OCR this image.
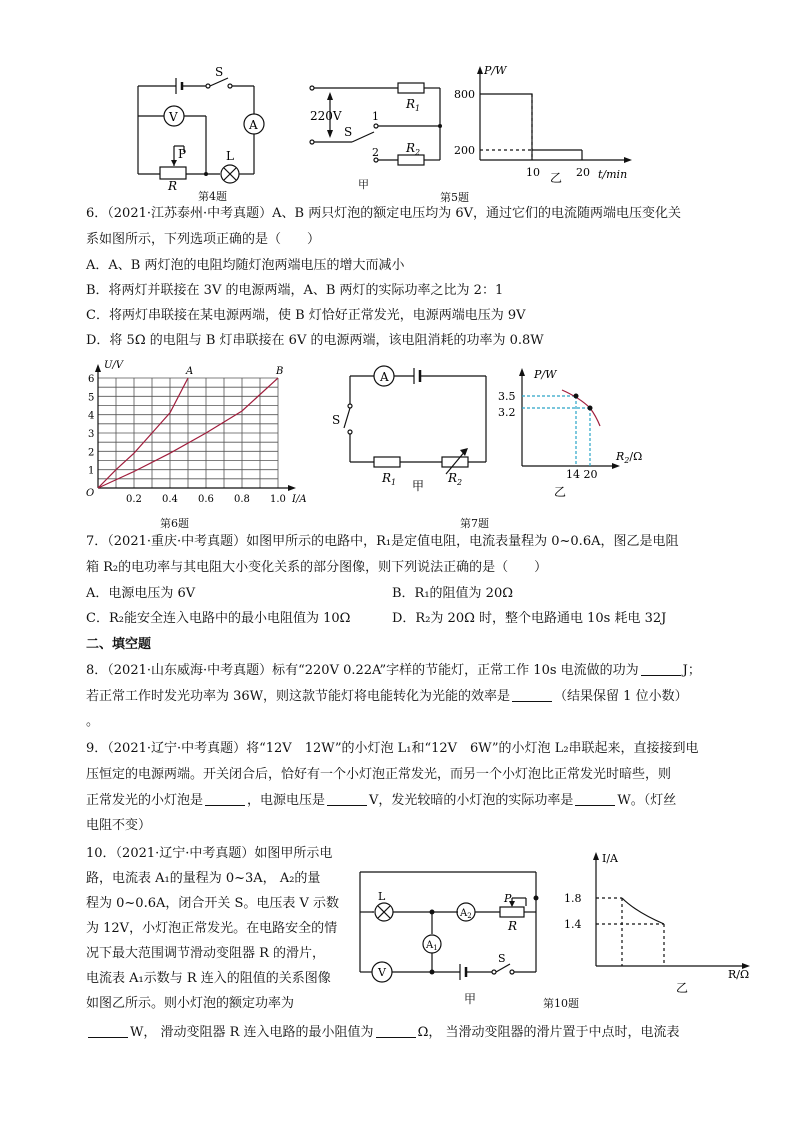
S
V
A
P	L
R
第4题
220V
$R_1$
S
1
2 $R_2$
甲
P/W
800
200
10	20 t/min
乙
第5题
6．（2021·江苏泰州·中考真题）A、B 两只灯泡的额定电压均为 6V，通过它们的电流随两端电压变化关
系如图所示，下列选项正确的是（　　）
A．A、B 两灯泡的电阻均随灯泡两端电压的增大而减小
B．将两灯并联接在 3V 的电源两端，A、B 两灯的实际功率之比为 2：1
C．将两灯串联接在某电源两端，使 B 灯恰好正常发光，电源两端电压为 9V
D．将 5Ω 的电阻与 B 灯串联接在 6V 的电源两端，该电阻消耗的功率为 0.8W
1
2
3
4
5
6
0.2 0.4 0.6 0.8 1.0
U/V
I/A
O
A	B
第6题
A
S
$R_1$	$R_2$
甲
P/W
3.5
3.2
14 20
$R_2/\Omega$
乙
第7题
7．（2021·重庆·中考真题）如图甲所示的电路中，R₁是定值电阻，电流表量程为 0~0.6A，图乙是电阻
箱 R₂的电功率与其电阻大小变化关系的部分图像，则下列说法正确的是（　　）
A．电源电压为 6V	B．R₁的阻值为 20Ω
C．R₂能安全连入电路中的最小电阻值为 10Ω	D．R₂为 20Ω 时，整个电路通电 10s 耗电 32J
二、填空题
8．（2021·山东威海·中考真题）标有“220V 0.22A”字样的节能灯，正常工作 10s 电流做的功为	J；
若正常工作时发光功率为 36W，则这款节能灯将电能转化为光能的效率是	（结果保留 1 位小数）
。
9．（2021·辽宁·中考真题）将“12V　12W”的小灯泡 L₁和“12V　6W”的小灯泡 L₂串联起来，直接接到电
压恒定的电源两端。开关闭合后，恰好有一个小灯泡正常发光，而另一个小灯泡比正常发光时暗些，则
正常发光的小灯泡是	，电源电压是	V，发光较暗的小灯泡的实际功率是	W。（灯丝
电阻不变）
10．（2021·辽宁·中考真题）如图甲所示电
路，电流表 A₁的量程为 0~3A， A₂的量
程为 0~0.6A，闭合开关 S。电压表 V 示数
为 12V，小灯泡正常发光。在电路安全的情
况下最大范围调节滑动变阻器 R 的滑片，
电流表 A₁示数与 R 连入的阻值的关系图像
如图乙所示。则小灯泡的额定功率为
W， 滑动变阻器 R 连入电路的最小阻值为	Ω， 当滑动变阻器的滑片置于中点时，电流表
L	P
R
$A_2$
$A_1$
V
S
甲	第10题
I/A
1.8
1.4
R/Ω
乙
